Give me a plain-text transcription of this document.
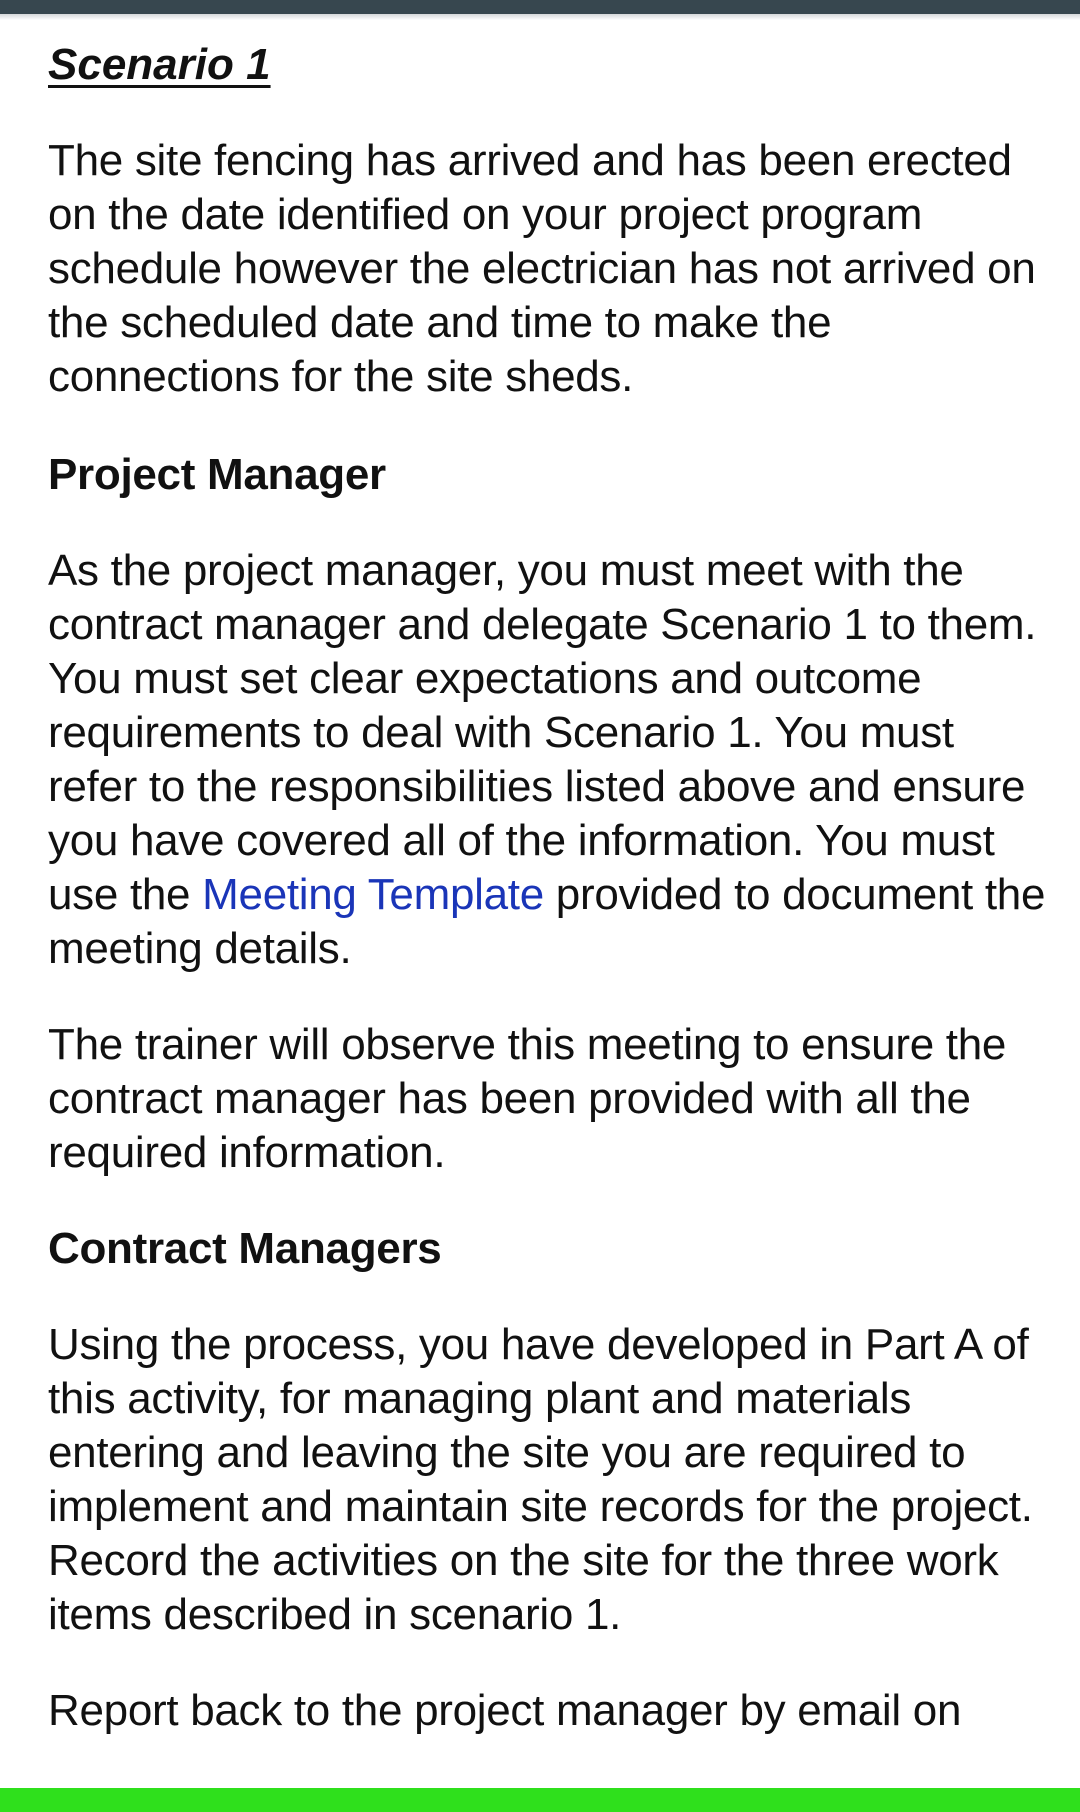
Scenario 1

The site fencing has arrived and has been erected on the date identified on your project program schedule however the electrician has not arrived on the scheduled date and time to make the connections for the site sheds.

Project Manager

As the project manager, you must meet with the contract manager and delegate Scenario 1 to them. You must set clear expectations and outcome requirements to deal with Scenario 1. You must refer to the responsibilities listed above and ensure you have covered all of the information. You must use the Meeting Template provided to document the meeting details.

The trainer will observe this meeting to ensure the contract manager has been provided with all the required information.

Contract Managers

Using the process, you have developed in Part A of this activity, for managing plant and materials entering and leaving the site you are required to implement and maintain site records for the project. Record the activities on the site for the three work items described in scenario 1.

Report back to the project manager by email on
